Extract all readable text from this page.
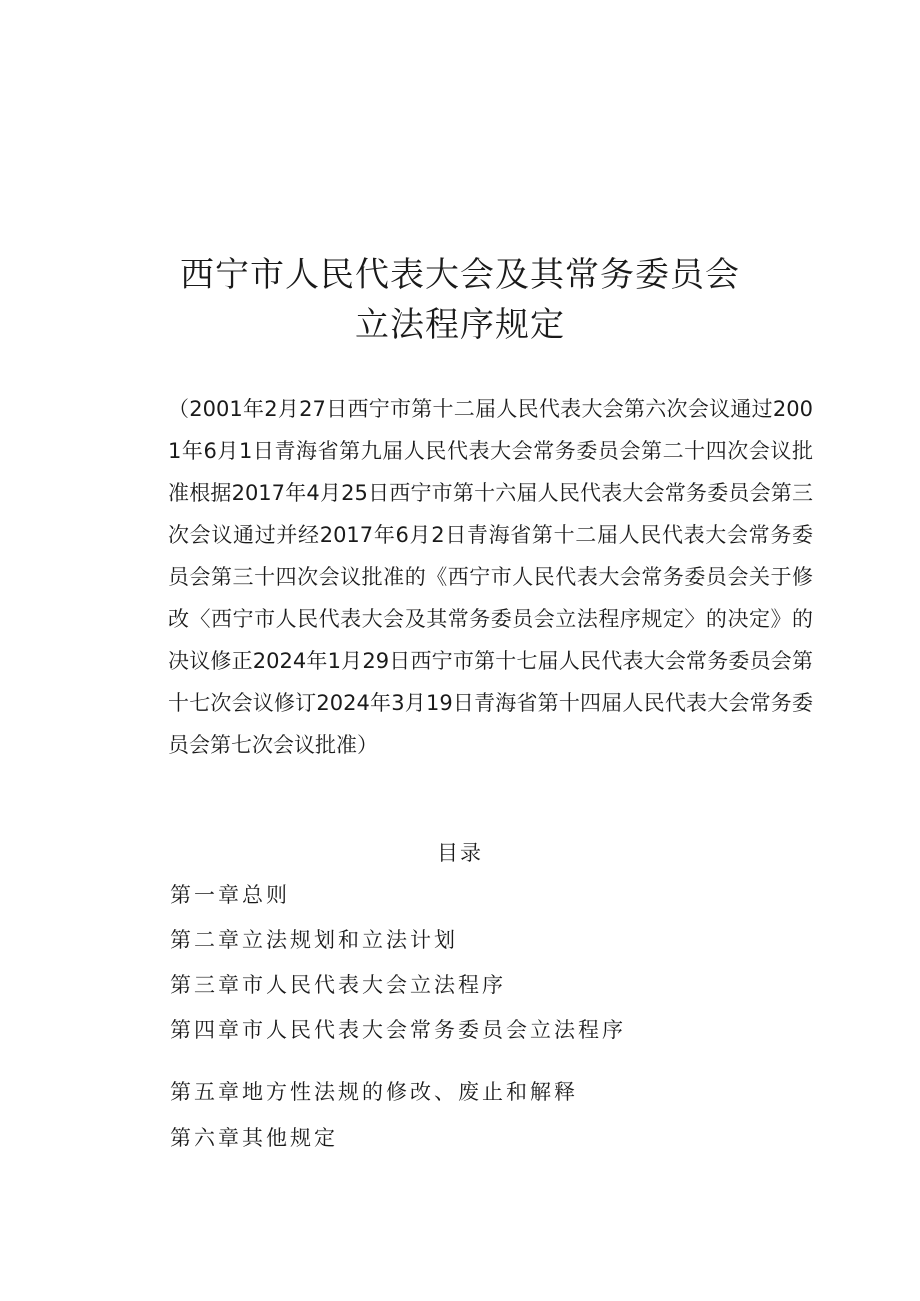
西宁市人民代表大会及其常务委员会
立法程序规定
（2001年2月27日西宁市第十二届人民代表大会第六次会议通过2001年6月1日青海省第九届人民代表大会常务委员会第二十四次会议批准根据2017年4月25日西宁市第十六届人民代表大会常务委员会第三次会议通过并经2017年6月2日青海省第十二届人民代表大会常务委员会第三十四次会议批准的《西宁市人民代表大会常务委员会关于修改〈西宁市人民代表大会及其常务委员会立法程序规定〉的决定》的决议修正2024年1月29日西宁市第十七届人民代表大会常务委员会第十七次会议修订2024年3月19日青海省第十四届人民代表大会常务委员会第七次会议批准）
目录
第一章总则
第二章立法规划和立法计划
第三章市人民代表大会立法程序
第四章市人民代表大会常务委员会立法程序
第五章地方性法规的修改、废止和解释
第六章其他规定
